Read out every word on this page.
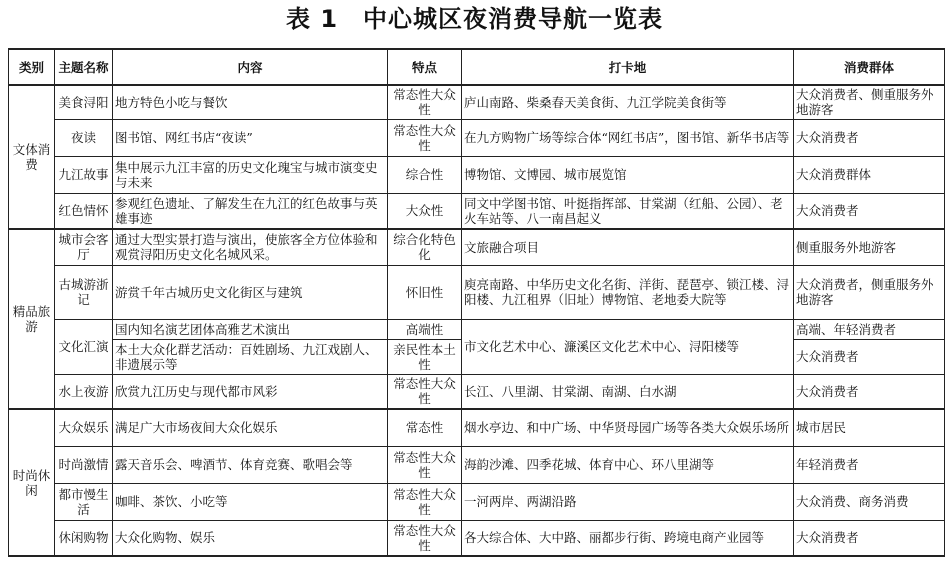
表 1　中心城区夜消费导航一览表
类别	主题名称	内容	特点	打卡地	消费群体
文体消费	美食浔阳	地方特色小吃与餐饮	常态性大众性	庐山南路、柴桑春天美食街、九江学院美食街等	大众消费者、侧重服务外地游客
	夜读	图书馆、网红书店“夜读”	常态性大众性	在九方购物广场等综合体“网红书店”，图书馆、新华书店等	大众消费者
	九江故事	集中展示九江丰富的历史文化瑰宝与城市演变史与未来	综合性	博物馆、文博园、城市展览馆	大众消费群体
	红色情怀	参观红色遗址、了解发生在九江的红色故事与英雄事迹	大众性	同文中学图书馆、叶挺指挥部、甘棠湖（红船、公园）、老火车站等、八一南昌起义	大众消费者
精品旅游	城市会客厅	通过大型实景打造与演出，使旅客全方位体验和观赏浔阳历史文化名城风采。	综合化特色化	文旅融合项目	侧重服务外地游客
	古城游浙记	游赏千年古城历史文化街区与建筑	怀旧性	庾亮南路、中华历史文化名街、洋街、琵琶亭、锁江楼、浔阳楼、九江租界（旧址）博物馆、老地委大院等	大众消费者，侧重服务外地游客
	文化汇演	国内知名演艺团体高雅艺术演出	高端性	市文化艺术中心、濂溪区文化艺术中心、浔阳楼等	高端、年轻消费者
		本土大众化群艺活动：百姓剧场、九江戏剧人、非遗展示等	亲民性本土性		大众消费者
	水上夜游	欣赏九江历史与现代都市风彩	常态性大众性	长江、八里湖、甘棠湖、南湖、白水湖	大众消费者
时尚休闲	大众娱乐	满足广大市场夜间大众化娱乐	常态性	烟水亭边、和中广场、中华贤母园广场等各类大众娱乐场所	城市居民
	时尚激情	露天音乐会、啤酒节、体育竞赛、歌唱会等	常态性大众性	海韵沙滩、四季花城、体育中心、环八里湖等	年轻消费者
	都市慢生活	咖啡、茶饮、小吃等	常态性大众性	一河两岸、两湖沿路	大众消费、商务消费
	休闲购物	大众化购物、娱乐	常态性大众性	各大综合体、大中路、丽都步行街、跨境电商产业园等	大众消费者
